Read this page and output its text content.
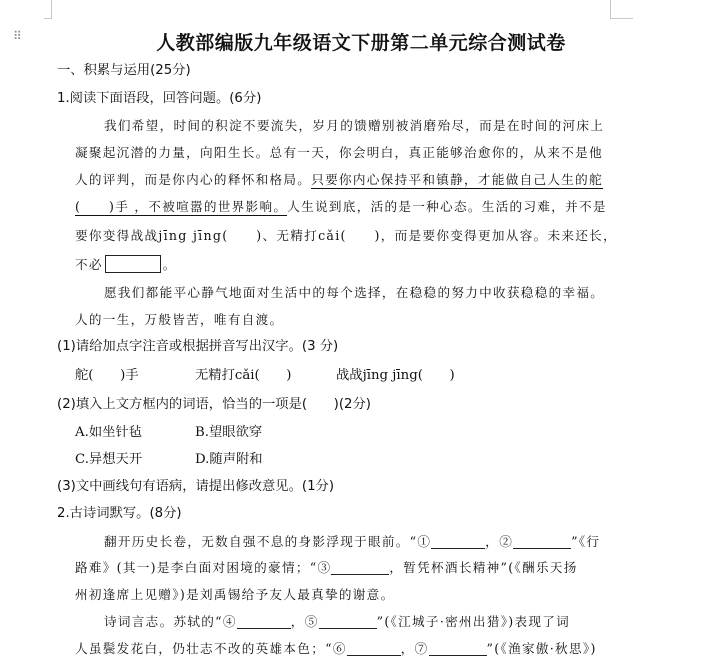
⠿	人教部编版九年级语文下册第二单元综合测试卷
一、积累与运用(25分)
1.阅读下面语段，回答问题。(6分)
我们希望，时间的积淀不要流失，岁月的馈赠别被消磨殆尽，而是在时间的河床上
凝聚起沉潜的力量，向阳生长。总有一天，你会明白，真正能够治愈你的，从来不是他
人的评判，而是你内心的释怀和格局。只要你内心保持平和镇静，才能做自己人生的舵
(　　)手 ，不被喧嚣的世界影响。人生说到底，活的是一种心态。生活的习难，并不是
要你变得战战jīng jīng(　　)、无精打cǎi(　　)，而是要你变得更加从容。未来还长，
不必	。
愿我们都能平心静气地面对生活中的每个选择，在稳稳的努力中收获稳稳的幸福。
人的一生，万般皆苦，唯有自渡。
(1)请给加点字注音或根据拼音写出汉字。(3 分)
舵(　　)手	无精打cǎi(　　)	战战jīng jīng(　　)
(2)填入上文方框内的词语，恰当的一项是(　　)(2分)
A.如坐针毡	B.望眼欲穿
C.异想天开	D.随声附和
(3)文中画线句有语病，请提出修改意见。(1分)
2.古诗词默写。(8分)
翻开历史长卷，无数自强不息的身影浮现于眼前。“①	，②	”《行
路难》(其一)是李白面对困境的豪情；“③	，暂凭杯酒长精神”(《酬乐天扬
州初逢席上见赠》)是刘禹锡给予友人最真挚的谢意。
诗词言志。苏轼的“④	，⑤	”(《江城子·密州出猎》)表现了词
人虽鬓发花白，仍壮志不改的英雄本色；“⑥	，⑦	”(《渔家傲·秋思》)
